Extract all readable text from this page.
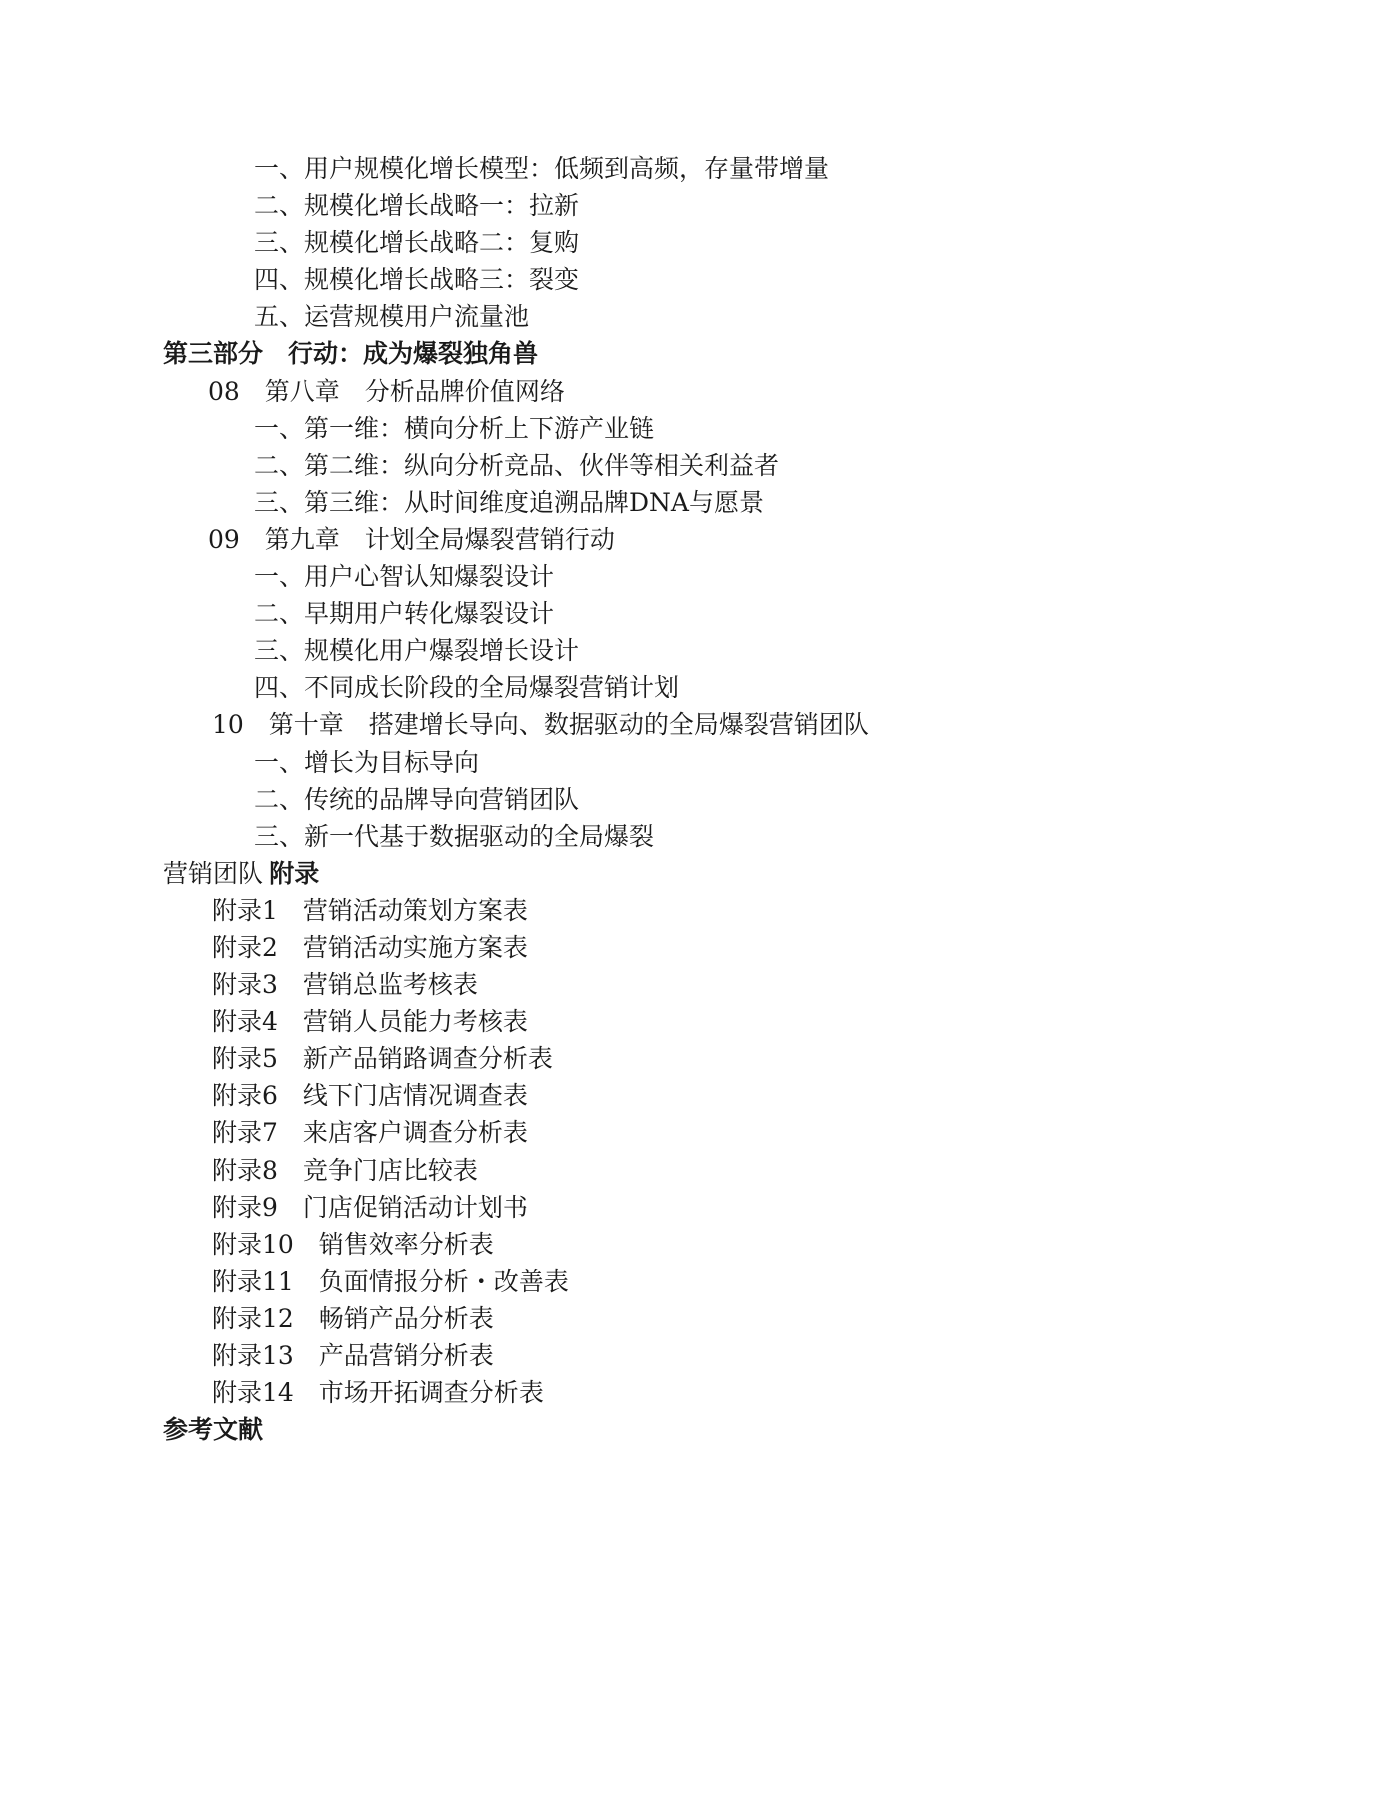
一、用户规模化增长模型：低频到高频，存量带增量
二、规模化增长战略一：拉新
三、规模化增长战略二：复购
四、规模化增长战略三：裂变
五、运营规模用户流量池
第三部分　行动：成为爆裂独角兽
08　第八章　分析品牌价值网络
一、第一维：横向分析上下游产业链
二、第二维：纵向分析竞品、伙伴等相关利益者
三、第三维：从时间维度追溯品牌DNA与愿景
09　第九章　计划全局爆裂营销行动
一、用户心智认知爆裂设计
二、早期用户转化爆裂设计
三、规模化用户爆裂增长设计
四、不同成长阶段的全局爆裂营销计划
10　第十章　搭建增长导向、数据驱动的全局爆裂营销团队
一、增长为目标导向
二、传统的品牌导向营销团队
三、新一代基于数据驱动的全局爆裂
营销团队 附录
附录1　营销活动策划方案表
附录2　营销活动实施方案表
附录3　营销总监考核表
附录4　营销人员能力考核表
附录5　新产品销路调查分析表
附录6　线下门店情况调查表
附录7　来店客户调查分析表
附录8　竞争门店比较表
附录9　门店促销活动计划书
附录10　销售效率分析表
附录11　负面情报分析・改善表
附录12　畅销产品分析表
附录13　产品营销分析表
附录14　市场开拓调查分析表
参考文献
